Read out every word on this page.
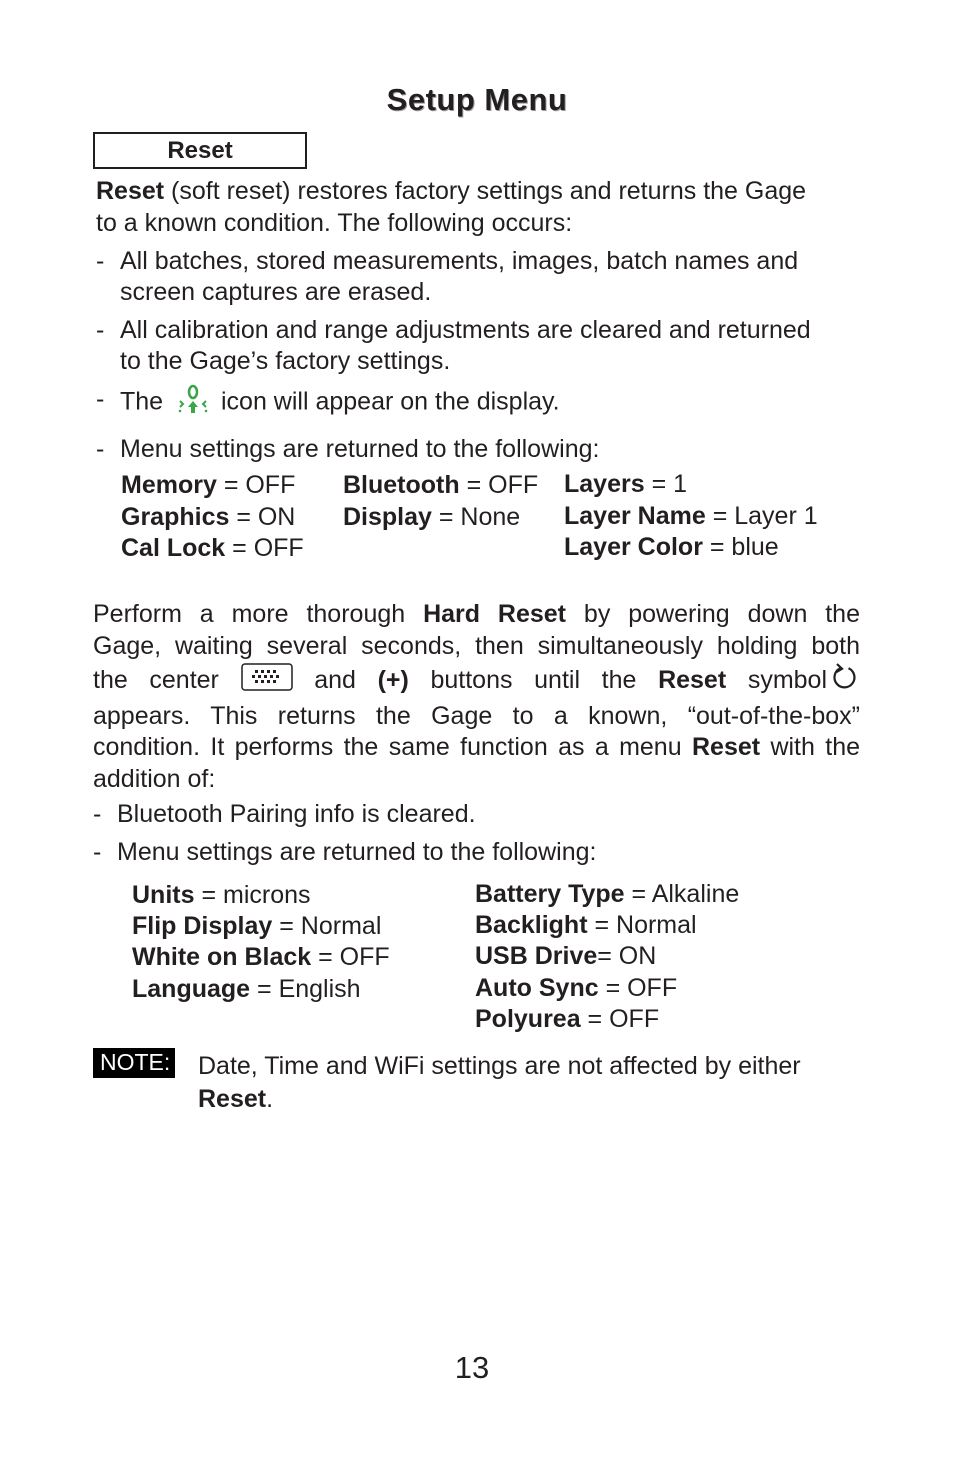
Setup Menu
Reset
Reset (soft reset) restores factory settings and returns the Gage
to a known condition. The following occurs:
- All batches, stored measurements, images, batch names and
screen captures are erased.
- All calibration and range adjustments are cleared and returned
to the Gage’s factory settings.
- The icon will appear on the display.
- Menu settings are returned to the following:
Memory = OFF
Graphics = ON
Cal Lock = OFF
Bluetooth = OFF
Display = None
Layers = 1
Layer Name = Layer 1
Layer Color = blue
Perform a more thorough Hard Reset by powering down the
Gage, waiting several seconds, then simultaneously holding both
the center	and (+) buttons until the Reset symbol
appears. This returns the Gage to a known, “out-of-the-box”
condition. It performs the same function as a menu Reset with the
addition of:
- Bluetooth Pairing info is cleared.
- Menu settings are returned to the following:
Units = microns
Flip Display = Normal
White on Black = OFF
Language = English
Battery Type = Alkaline
Backlight = Normal
USB Drive= ON
Auto Sync = OFF
Polyurea = OFF
NOTE: Date, Time and WiFi settings are not affected by either
Reset.
13
